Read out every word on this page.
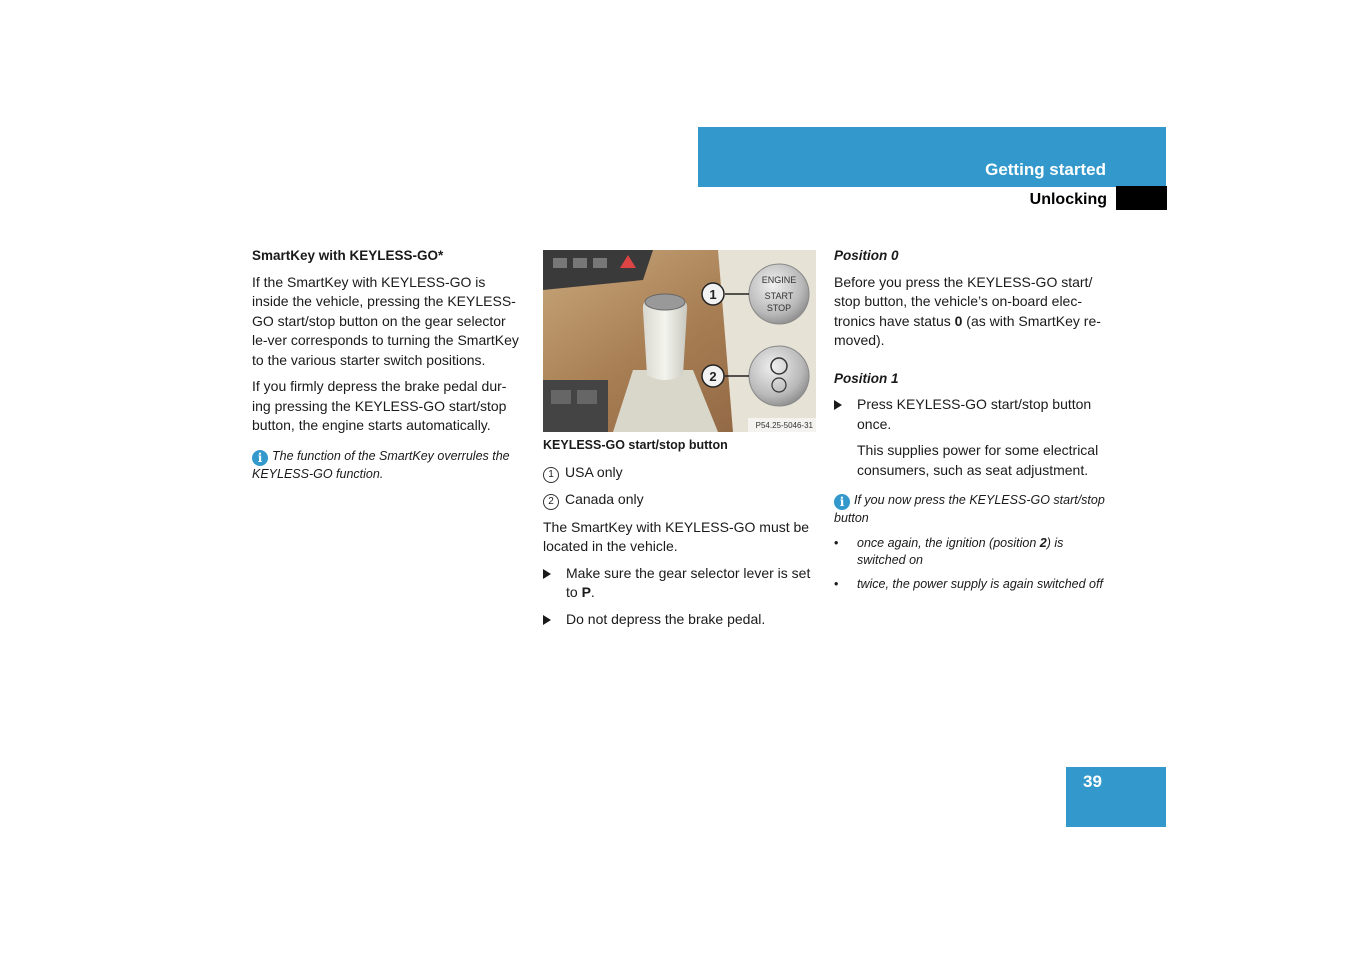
Getting started
Unlocking

SmartKey with KEYLESS-GO*

If the SmartKey with KEYLESS-GO is inside the vehicle, pressing the KEYLESS-GO start/stop button on the gear selector le-ver corresponds to turning the SmartKey to the various starter switch positions.

If you firmly depress the brake pedal dur-ing pressing the KEYLESS-GO start/stop button, the engine starts automatically.

i The function of the SmartKey overrules the KEYLESS-GO function.
ENGINE
START
STOP
1
2
P54.25-5046-31

KEYLESS-GO start/stop button

1 USA only

2 Canada only

The SmartKey with KEYLESS-GO must be located in the vehicle.

Make sure the gear selector lever is set to P.

Do not depress the brake pedal.

Position 0

Before you press the KEYLESS-GO start/ stop button, the vehicle’s on-board elec-tronics have status 0 (as with SmartKey re-moved).

Position 1

Press KEYLESS-GO start/stop button once.

This supplies power for some electrical consumers, such as seat adjustment.

i If you now press the KEYLESS-GO start/stop button
• once again, the ignition (position 2) is switched on
• twice, the power supply is again switched off
39
